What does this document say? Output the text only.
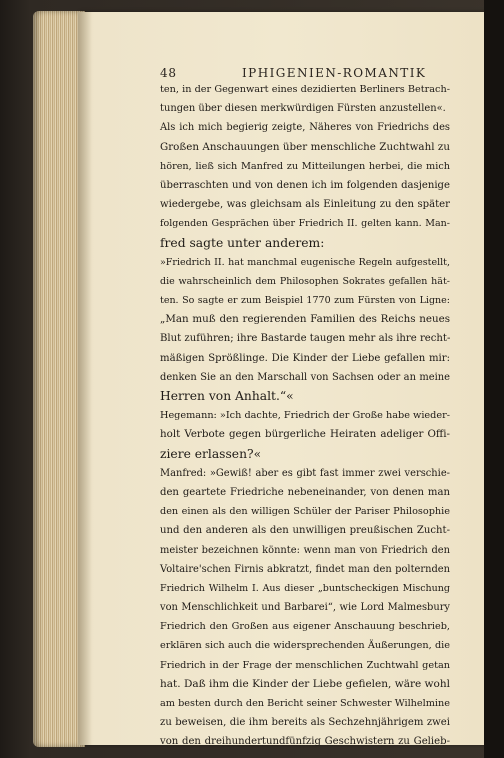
48	IPHIGENIEN-ROMANTIK
ten, in der Gegenwart eines dezidierten Berliners Betrach-
tungen über diesen merkwürdigen Fürsten anzustellen«.
Als ich mich begierig zeigte, Näheres von Friedrichs des
Großen Anschauungen über menschliche Zuchtwahl zu
hören, ließ sich Manfred zu Mitteilungen herbei, die mich
überraschten und von denen ich im folgenden dasjenige
wiedergebe, was gleichsam als Einleitung zu den später
folgenden Gesprächen über Friedrich II. gelten kann. Man-
fred sagte unter anderem:
»Friedrich II. hat manchmal eugenische Regeln aufgestellt,
die wahrscheinlich dem Philosophen Sokrates gefallen hät-
ten. So sagte er zum Beispiel 1770 zum Fürsten von Ligne:
„Man muß den regierenden Familien des Reichs neues
Blut zuführen; ihre Bastarde taugen mehr als ihre recht-
mäßigen Sprößlinge. Die Kinder der Liebe gefallen mir:
denken Sie an den Marschall von Sachsen oder an meine
Herren von Anhalt.“«
Hegemann: »Ich dachte, Friedrich der Große habe wieder-
holt Verbote gegen bürgerliche Heiraten adeliger Offi-
ziere erlassen?«
Manfred: »Gewiß! aber es gibt fast immer zwei verschie-
den geartete Friedriche nebeneinander, von denen man
den einen als den willigen Schüler der Pariser Philosophie
und den anderen als den unwilligen preußischen Zucht-
meister bezeichnen könnte: wenn man von Friedrich den
Voltaire'schen Firnis abkratzt, findet man den polternden
Friedrich Wilhelm I. Aus dieser „buntscheckigen Mischung
von Menschlichkeit und Barbarei“, wie Lord Malmesbury
Friedrich den Großen aus eigener Anschauung beschrieb,
erklären sich auch die widersprechenden Äußerungen, die
Friedrich in der Frage der menschlichen Zuchtwahl getan
hat. Daß ihm die Kinder der Liebe gefielen, wäre wohl
am besten durch den Bericht seiner Schwester Wilhelmine
zu beweisen, die ihm bereits als Sechzehnjährigem zwei
von den dreihundertundfünfzig Geschwistern zu Gelieb-
